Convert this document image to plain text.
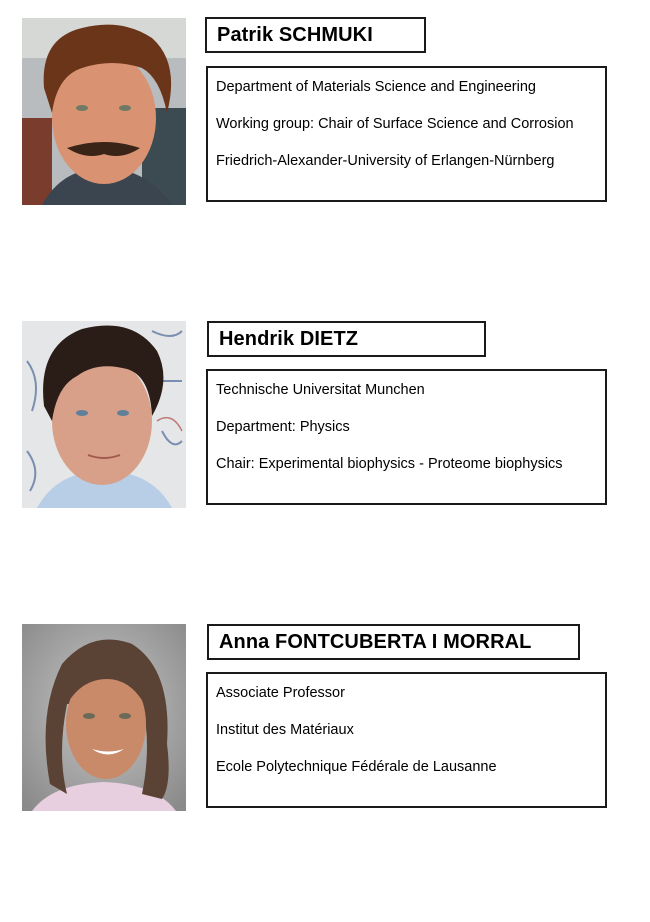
Patrik SCHMUKI

Department of Materials Science and Engineering

Working group: Chair of Surface Science and Corrosion

Friedrich-Alexander-University of Erlangen-Nürnberg

Hendrik DIETZ

Technische Universitat Munchen

Department: Physics

Chair: Experimental biophysics - Proteome biophysics

Anna FONTCUBERTA I MORRAL

Associate Professor

Institut des Matériaux

Ecole Polytechnique Fédérale de Lausanne
